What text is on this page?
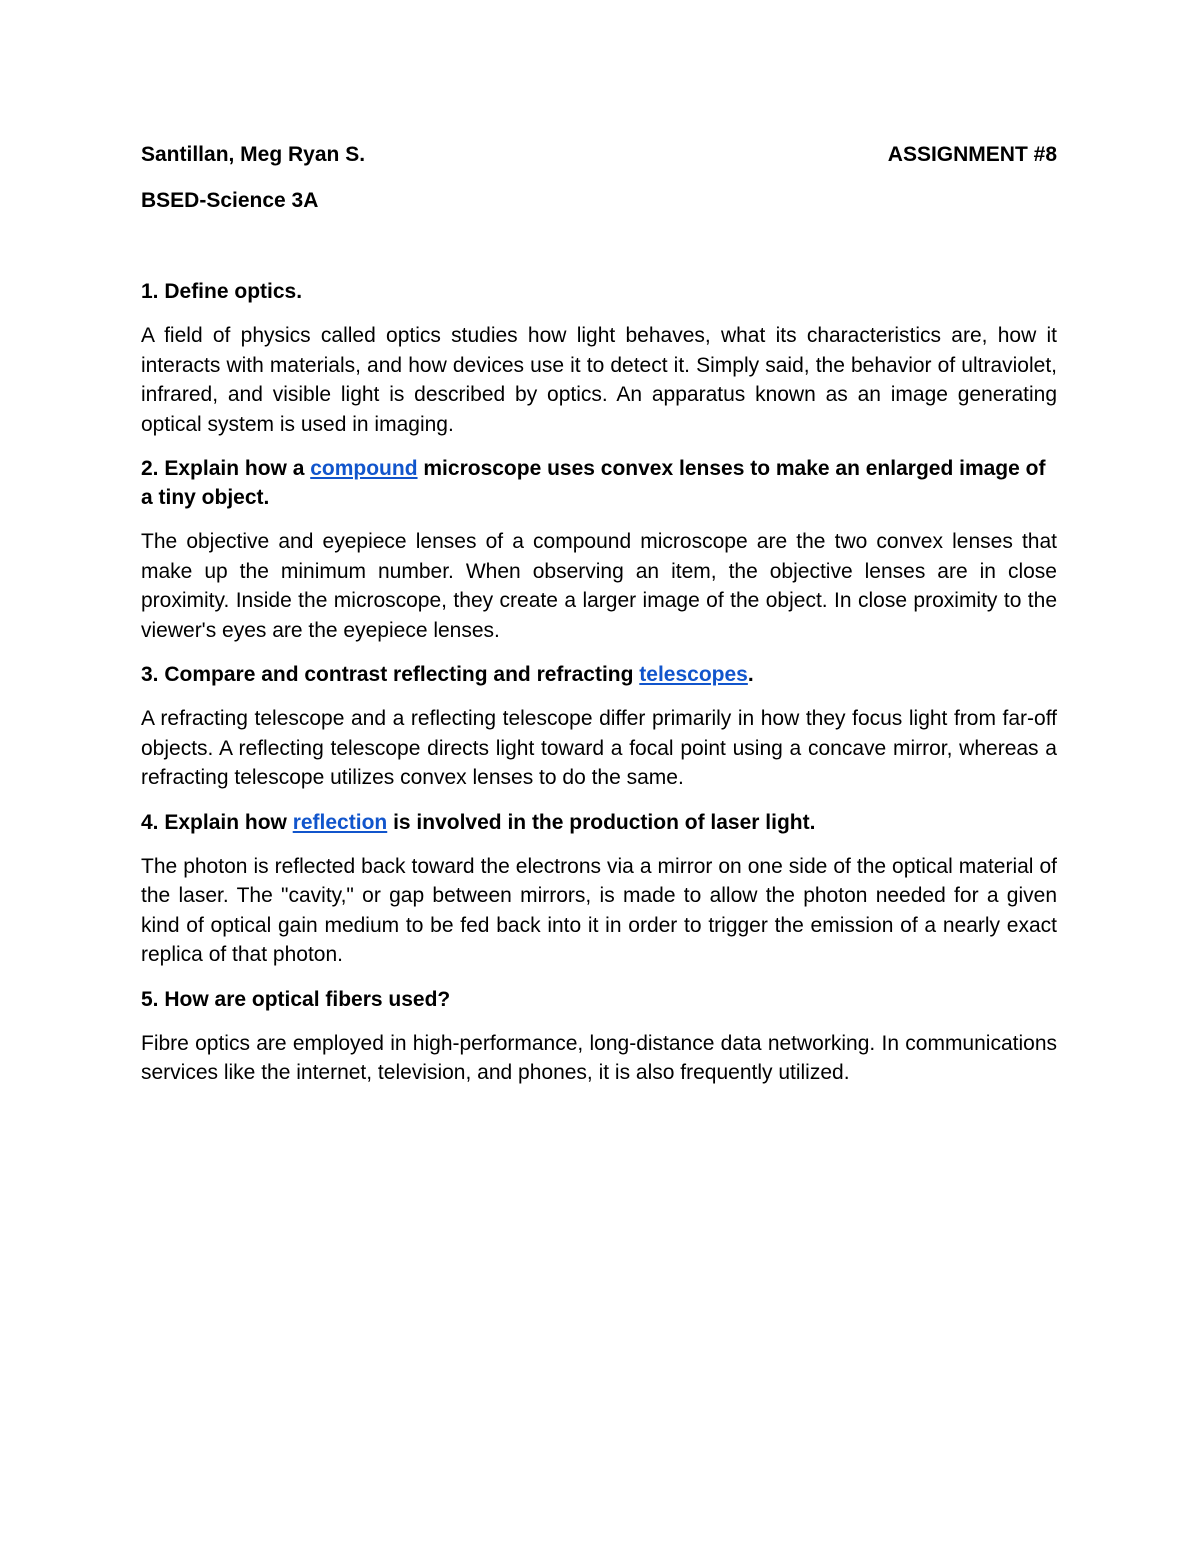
Santillan, Meg Ryan S.	ASSIGNMENT #8
BSED-Science 3A

1. Define optics.

A field of physics called optics studies how light behaves, what its characteristics are, how it interacts with materials, and how devices use it to detect it. Simply said, the behavior of ultraviolet, infrared, and visible light is described by optics. An apparatus known as an image generating optical system is used in imaging.

2. Explain how a compound microscope uses convex lenses to make an enlarged image of a tiny object.

The objective and eyepiece lenses of a compound microscope are the two convex lenses that make up the minimum number. When observing an item, the objective lenses are in close proximity. Inside the microscope, they create a larger image of the object. In close proximity to the viewer's eyes are the eyepiece lenses.

3. Compare and contrast reflecting and refracting telescopes.

A refracting telescope and a reflecting telescope differ primarily in how they focus light from far-off objects. A reflecting telescope directs light toward a focal point using a concave mirror, whereas a refracting telescope utilizes convex lenses to do the same.

4. Explain how reflection is involved in the production of laser light.

The photon is reflected back toward the electrons via a mirror on one side of the optical material of the laser. The "cavity," or gap between mirrors, is made to allow the photon needed for a given kind of optical gain medium to be fed back into it in order to trigger the emission of a nearly exact replica of that photon.

5. How are optical fibers used?

Fibre optics are employed in high-performance, long-distance data networking. In communications services like the internet, television, and phones, it is also frequently utilized.
